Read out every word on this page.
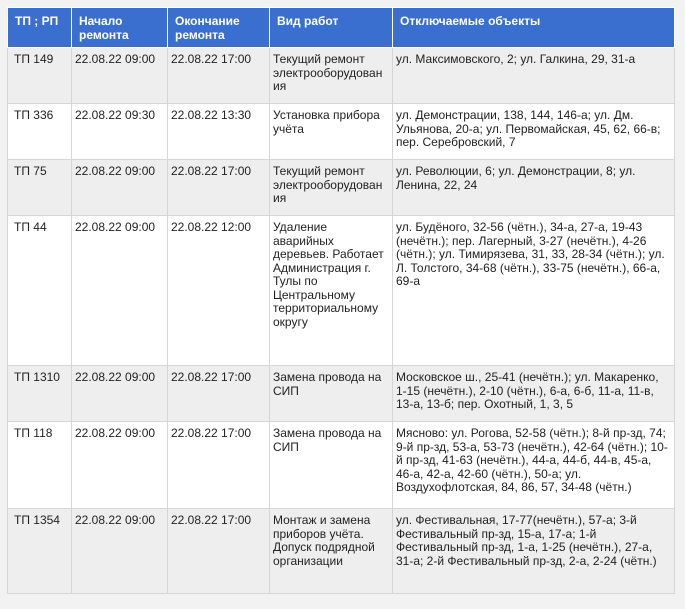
ТП ; РП	Начало ремонта	Окончание ремонта	Вид работ	Отключаемые объекты
ТП 149	22.08.22 09:00	22.08.22 17:00	Текущий ремонт электрооборудования	ул. Максимовского, 2; ул. Галкина, 29, 31-а
ТП 336	22.08.22 09:30	22.08.22 13:30	Установка прибора учёта	ул. Демонстрации, 138, 144, 146-а; ул. Дм. Ульянова, 20-а; ул. Первомайская, 45, 62, 66-в; пер. Серебровский, 7
ТП 75	22.08.22 09:00	22.08.22 17:00	Текущий ремонт электрооборудования	ул. Революции, 6; ул. Демонстрации, 8; ул. Ленина, 22, 24
ТП 44	22.08.22 09:00	22.08.22 12:00	Удаление аварийных деревьев. Работает Администрация г. Тулы по Центральному территориальному округу	ул. Будёного, 32-56 (чётн.), 34-а, 27-а, 19-43 (нечётн.); пер. Лагерный, 3-27 (нечётн.), 4-26 (чётн.); ул. Тимирязева, 31, 33, 28-34 (чётн.); ул. Л. Толстого, 34-68 (чётн.), 33-75 (нечётн.), 66-а, 69-а
ТП 1310	22.08.22 09:00	22.08.22 17:00	Замена провода на СИП	Московское ш., 25-41 (нечётн.); ул. Макаренко, 1-15 (нечётн.), 2-10 (чётн.), 6-а, 6-б, 11-а, 11-в, 13-а, 13-б; пер. Охотный, 1, 3, 5
ТП 118	22.08.22 09:00	22.08.22 17:00	Замена провода на СИП	Мясново: ул. Рогова, 52-58 (чётн.); 8-й пр-зд, 74; 9-й пр-зд, 53-а, 53-73 (нечётн.), 42-64 (чётн.); 10-й пр-зд, 41-63 (нечётн.), 44-а, 44-б, 44-в, 45-а, 46-а, 42-а, 42-60 (чётн.), 50-а; ул. Воздухофлотская, 84, 86, 57, 34-48 (чётн.)
ТП 1354	22.08.22 09:00	22.08.22 17:00	Монтаж и замена приборов учёта. Допуск подрядной организации	ул. Фестивальная, 17-77(нечётн.), 57-а; 3-й Фестивальный пр-зд, 15-а, 17-а; 1-й Фестивальный пр-зд, 1-а, 1-25 (нечётн.), 27-а, 31-а; 2-й Фестивальный пр-зд, 2-а, 2-24 (чётн.)
